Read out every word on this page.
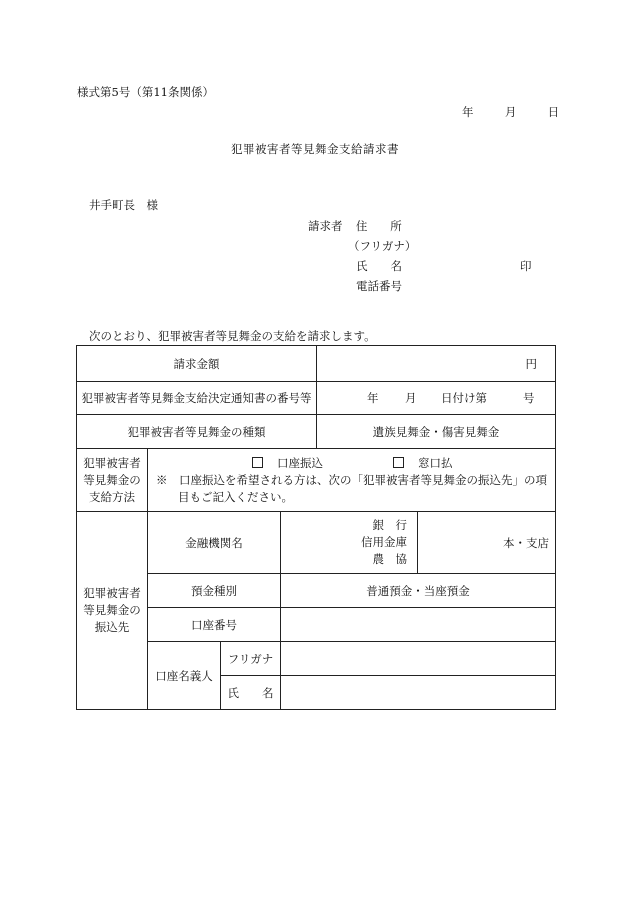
様式第5号（第11条関係）
年	月	日
犯罪被害者等見舞金支給請求書
井手町長　様
請求者 住　　所
（フリガナ）
氏　　名	印
電話番号
次のとおり、犯罪被害者等見舞金の支給を請求します。
請求金額				円	
犯罪被害者等見舞金支給決定通知書の番号等				年 月 日付け第 号	

犯罪被害者等見舞金の種類				遺族見舞金・傷害見舞金	
犯罪被害者等見舞金の支給方法	口座振込 窓口払
※　口座振込を希望される方は、次の「犯罪被害者等見舞金の振込先」の項目もご記入ください。				

犯罪被害者等見舞金の振込先	金融機関名		銀　行
信用金庫
農　協		本・支店
	預金種別		普通預金・当座預金		
	口座番号				
	口座名義人	フリガナ			
		氏　　名			
